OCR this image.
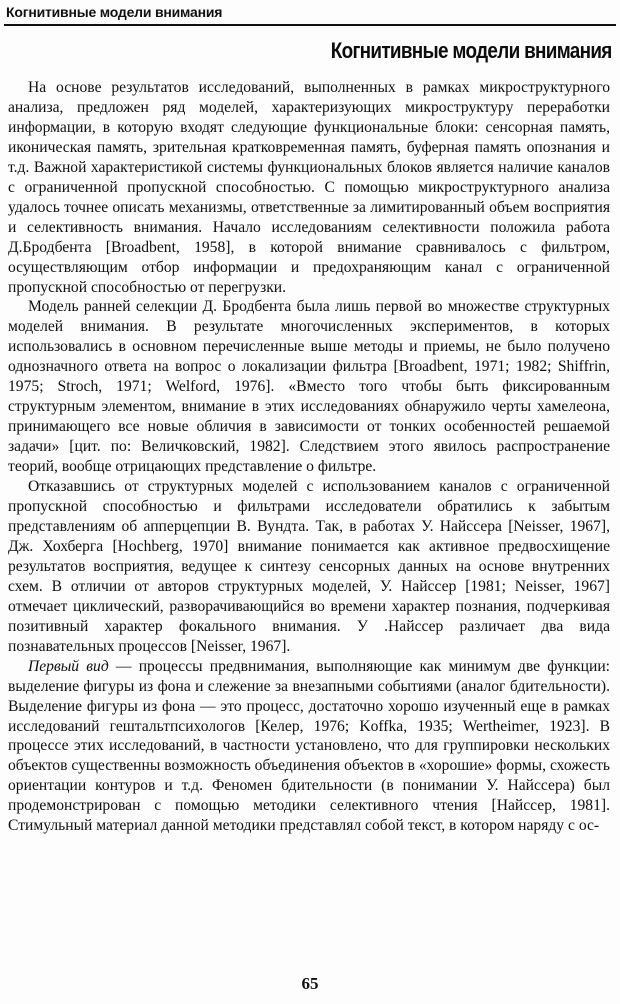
Когнитивные модели внимания
Когнитивные модели внимания

На основе результатов исследований, выполненных в рамках микроструктурного анализа, предложен ряд моделей, характеризующих микроструктуру переработки информации, в которую входят следующие функциональные блоки: сенсорная память, иконическая память, зрительная кратковременная память, буферная память опознания и т.д. Важной характеристикой системы функциональных блоков является наличие каналов с ограниченной пропускной способностью. С помощью микроструктурного анализа удалось точнее описать механизмы, ответственные за лимитированный объем восприятия и селективность внимания. Начало исследованиям селективности положила работа Д.Бродбента [Broadbent, 1958], в которой внимание сравнивалось с фильтром, осуществляющим отбор информации и предохраняющим канал с ограниченной пропускной способностью от перегрузки.

Модель ранней селекции Д. Бродбента была лишь первой во множестве структурных моделей внимания. В результате многочисленных экспериментов, в которых использовались в основном перечисленные выше методы и приемы, не было получено однозначного ответа на вопрос о локализации фильтра [Broadbent, 1971; 1982; Shiffrin, 1975; Stroch, 1971; Welford, 1976]. «Вместо того чтобы быть фиксированным структурным элементом, внимание в этих исследованиях обнаружило черты хамелеона, принимающего все новые обличия в зависимости от тонких особенностей решаемой задачи» [цит. по: Величковский, 1982]. Следствием этого явилось распространение теорий, вообще отрицающих представление о фильтре.

Отказавшись от структурных моделей с использованием каналов с ограниченной пропускной способностью и фильтрами исследователи обратились к забытым представлениям об апперцепции В. Вундта. Так, в работах У. Найссера [Neisser, 1967], Дж. Хохберга [Hochberg, 1970] внимание понимается как активное предвосхищение результатов восприятия, ведущее к синтезу сенсорных данных на основе внутренних схем. В отличии от авторов структурных моделей, У. Найссер [1981; Neisser, 1967] отмечает циклический, разворачивающийся во времени характер познания, подчеркивая позитивный характер фокального внимания. У .Найссер различает два вида познавательных процессов [Neisser, 1967].

Первый вид — процессы предвнимания, выполняющие как минимум две функции: выделение фигуры из фона и слежение за внезапными событиями (аналог бдительности). Выделение фигуры из фона — это процесс, достаточно хорошо изученный еще в рамках исследований гештальтпсихологов [Келер, 1976; Koffka, 1935; Wertheimer, 1923]. В процессе этих исследований, в частности установлено, что для группировки нескольких объектов существенны возможность объединения объектов в «хорошие» формы, схожесть ориентации контуров и т.д. Феномен бдительности (в понимании У. Найссера) был продемонстрирован с помощью методики селективного чтения [Найссер, 1981]. Стимульный материал данной методики представлял собой текст, в котором наряду с ос-

65
